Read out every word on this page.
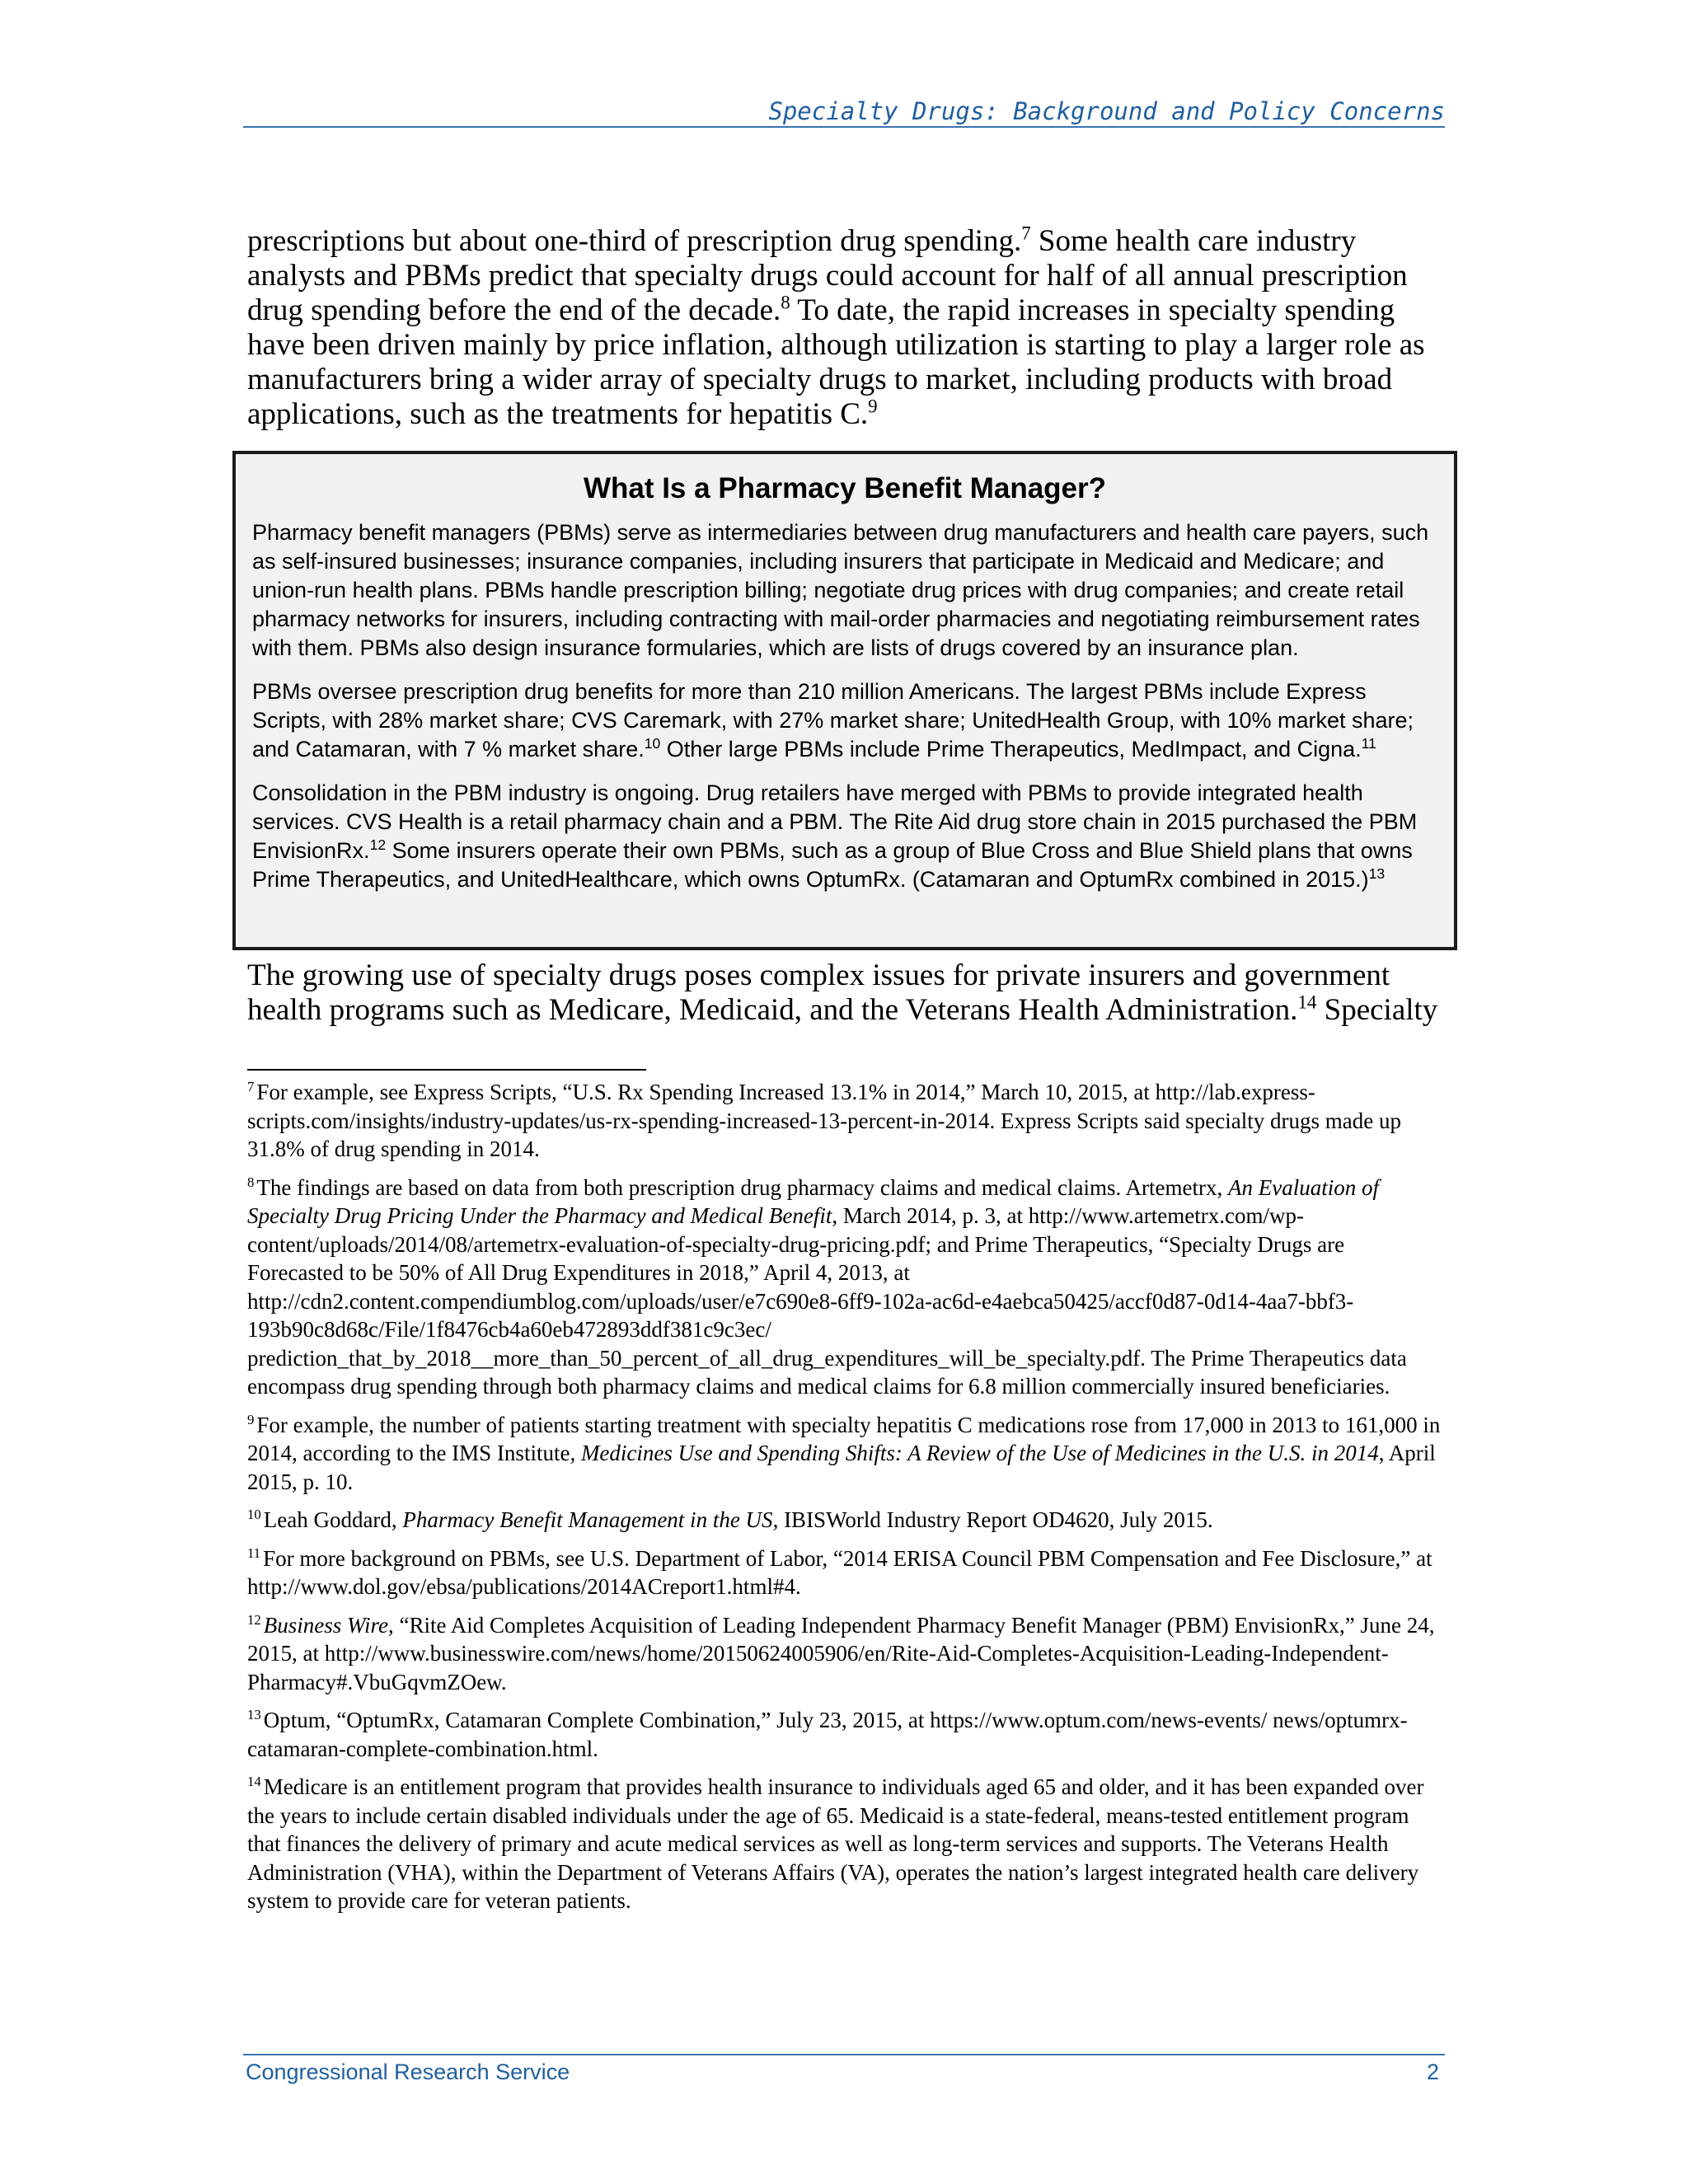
Specialty Drugs: Background and Policy Concerns

prescriptions but about one-third of prescription drug spending.$^7$ Some health care industry analysts and PBMs predict that specialty drugs could account for half of all annual prescription drug spending before the end of the decade.$^8$ To date, the rapid increases in specialty spending have been driven mainly by price inflation, although utilization is starting to play a larger role as manufacturers bring a wider array of specialty drugs to market, including products with broad applications, such as the treatments for hepatitis C.$^9$

What Is a Pharmacy Benefit Manager?

Pharmacy benefit managers (PBMs) serve as intermediaries between drug manufacturers and health care payers, such as self-insured businesses; insurance companies, including insurers that participate in Medicaid and Medicare; and union-run health plans. PBMs handle prescription billing; negotiate drug prices with drug companies; and create retail pharmacy networks for insurers, including contracting with mail-order pharmacies and negotiating reimbursement rates with them. PBMs also design insurance formularies, which are lists of drugs covered by an insurance plan.

PBMs oversee prescription drug benefits for more than 210 million Americans. The largest PBMs include Express Scripts, with 28% market share; CVS Caremark, with 27% market share; UnitedHealth Group, with 10% market share; and Catamaran, with 7 % market share.$^{10}$ Other large PBMs include Prime Therapeutics, MedImpact, and Cigna.$^{11}$

Consolidation in the PBM industry is ongoing. Drug retailers have merged with PBMs to provide integrated health services. CVS Health is a retail pharmacy chain and a PBM. The Rite Aid drug store chain in 2015 purchased the PBM EnvisionRx.$^{12}$ Some insurers operate their own PBMs, such as a group of Blue Cross and Blue Shield plans that owns Prime Therapeutics, and UnitedHealthcare, which owns OptumRx. (Catamaran and OptumRx combined in 2015.)$^{13}$

The growing use of specialty drugs poses complex issues for private insurers and government health programs such as Medicare, Medicaid, and the Veterans Health Administration.$^{14}$ Specialty

$^7$ For example, see Express Scripts, “U.S. Rx Spending Increased 13.1% in 2014,” March 10, 2015, at http://lab.express-scripts.com/insights/industry-updates/us-rx-spending-increased-13-percent-in-2014. Express Scripts said specialty drugs made up 31.8% of drug spending in 2014.
$^8$ The findings are based on data from both prescription drug pharmacy claims and medical claims. Artemetrx, An Evaluation of Specialty Drug Pricing Under the Pharmacy and Medical Benefit, March 2014, p. 3, at http://www.artemetrx.com/wp-content/uploads/2014/08/artemetrx-evaluation-of-specialty-drug-pricing.pdf; and Prime Therapeutics, “Specialty Drugs are Forecasted to be 50% of All Drug Expenditures in 2018,” April 4, 2013, at http://cdn2.content.compendiumblog.com/uploads/user/e7c690e8-6ff9-102a-ac6d-e4aebca50425/accf0d87-0d14-4aa7-bbf3-193b90c8d68c/File/1f8476cb4a60eb472893ddf381c9c3ec/ prediction_that_by_2018__more_than_50_percent_of_all_drug_expenditures_will_be_specialty.pdf. The Prime Therapeutics data encompass drug spending through both pharmacy claims and medical claims for 6.8 million commercially insured beneficiaries.
$^9$ For example, the number of patients starting treatment with specialty hepatitis C medications rose from 17,000 in 2013 to 161,000 in 2014, according to the IMS Institute, Medicines Use and Spending Shifts: A Review of the Use of Medicines in the U.S. in 2014, April 2015, p. 10.
$^{10}$ Leah Goddard, Pharmacy Benefit Management in the US, IBISWorld Industry Report OD4620, July 2015.
$^{11}$ For more background on PBMs, see U.S. Department of Labor, “2014 ERISA Council PBM Compensation and Fee Disclosure,” at http://www.dol.gov/ebsa/publications/2014ACreport1.html#4.
$^{12}$ Business Wire, “Rite Aid Completes Acquisition of Leading Independent Pharmacy Benefit Manager (PBM) EnvisionRx,” June 24, 2015, at http://www.businesswire.com/news/home/20150624005906/en/Rite-Aid-Completes-Acquisition-Leading-Independent-Pharmacy#.VbuGqvmZOew.
$^{13}$ Optum, “OptumRx, Catamaran Complete Combination,” July 23, 2015, at https://www.optum.com/news-events/ news/optumrx-catamaran-complete-combination.html.
$^{14}$ Medicare is an entitlement program that provides health insurance to individuals aged 65 and older, and it has been expanded over the years to include certain disabled individuals under the age of 65. Medicaid is a state-federal, means-tested entitlement program that finances the delivery of primary and acute medical services as well as long-term services and supports. The Veterans Health Administration (VHA), within the Department of Veterans Affairs (VA), operates the nation’s largest integrated health care delivery system to provide care for veteran patients.
Congressional Research Service	2
